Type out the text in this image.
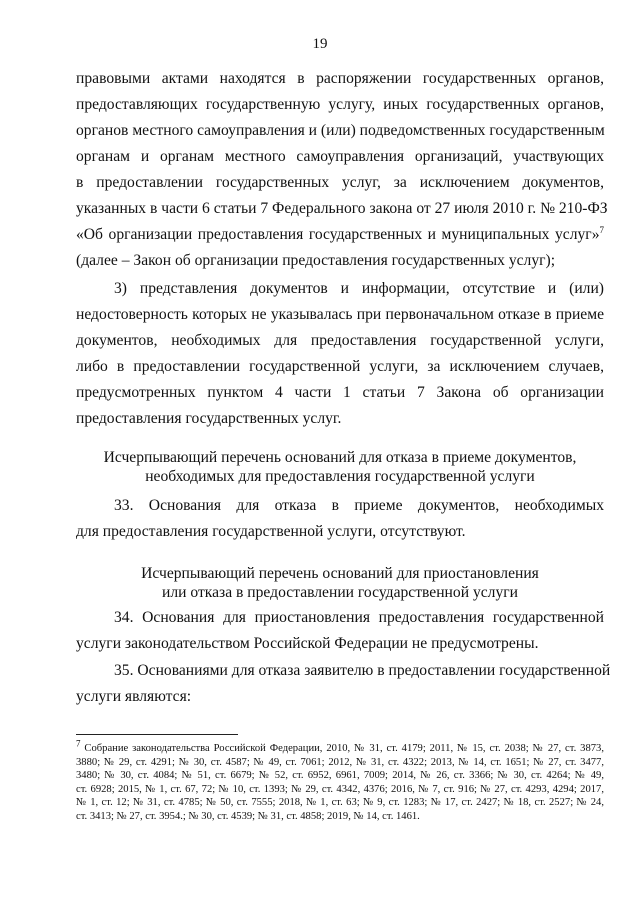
19

правовыми актами находятся в распоряжении государственных органов,

предоставляющих государственную услугу, иных государственных органов,

органов местного самоуправления и (или) подведомственных государственным

органам и органам местного самоуправления организаций, участвующих

в предоставлении государственных услуг, за исключением документов,

указанных в части 6 статьи 7 Федерального закона от 27 июля 2010 г. № 210-ФЗ

«Об организации предоставления государственных и муниципальных услуг»$^7$

(далее – Закон об организации предоставления государственных услуг);

3) представления документов и информации, отсутствие и (или)

недостоверность которых не указывалась при первоначальном отказе в приеме

документов, необходимых для предоставления государственной услуги,

либо в предоставлении государственной услуги, за исключением случаев,

предусмотренных пунктом 4 части 1 статьи 7 Закона об организации

предоставления государственных услуг.

Исчерпывающий перечень оснований для отказа в приеме документов,

необходимых для предоставления государственной услуги

33. Основания для отказа в приеме документов, необходимых

для предоставления государственной услуги, отсутствуют.

Исчерпывающий перечень оснований для приостановления

или отказа в предоставлении государственной услуги

34. Основания для приостановления предоставления государственной

услуги законодательством Российской Федерации не предусмотрены.

35. Основаниями для отказа заявителю в предоставлении государственной

услуги являются:

$^7$ Собрание законодательства Российской Федерации, 2010, № 31, ст. 4179; 2011, № 15, ст. 2038; № 27, ст. 3873,

3880; № 29, ст. 4291; № 30, ст. 4587; № 49, ст. 7061; 2012, № 31, ст. 4322; 2013, № 14, ст. 1651; № 27, ст. 3477,

3480; № 30, ст. 4084; № 51, ст. 6679; № 52, ст. 6952, 6961, 7009; 2014, № 26, ст. 3366; № 30, ст. 4264; № 49,

ст. 6928; 2015, № 1, ст. 67, 72; № 10, ст. 1393; № 29, ст. 4342, 4376; 2016, № 7, ст. 916; № 27, ст. 4293, 4294; 2017,

№ 1, ст. 12; № 31, ст. 4785; № 50, ст. 7555; 2018, № 1, ст. 63; № 9, ст. 1283; № 17, ст. 2427; № 18, ст. 2527; № 24,

ст. 3413; № 27, ст. 3954.; № 30, ст. 4539; № 31, ст. 4858; 2019, № 14, ст. 1461.
